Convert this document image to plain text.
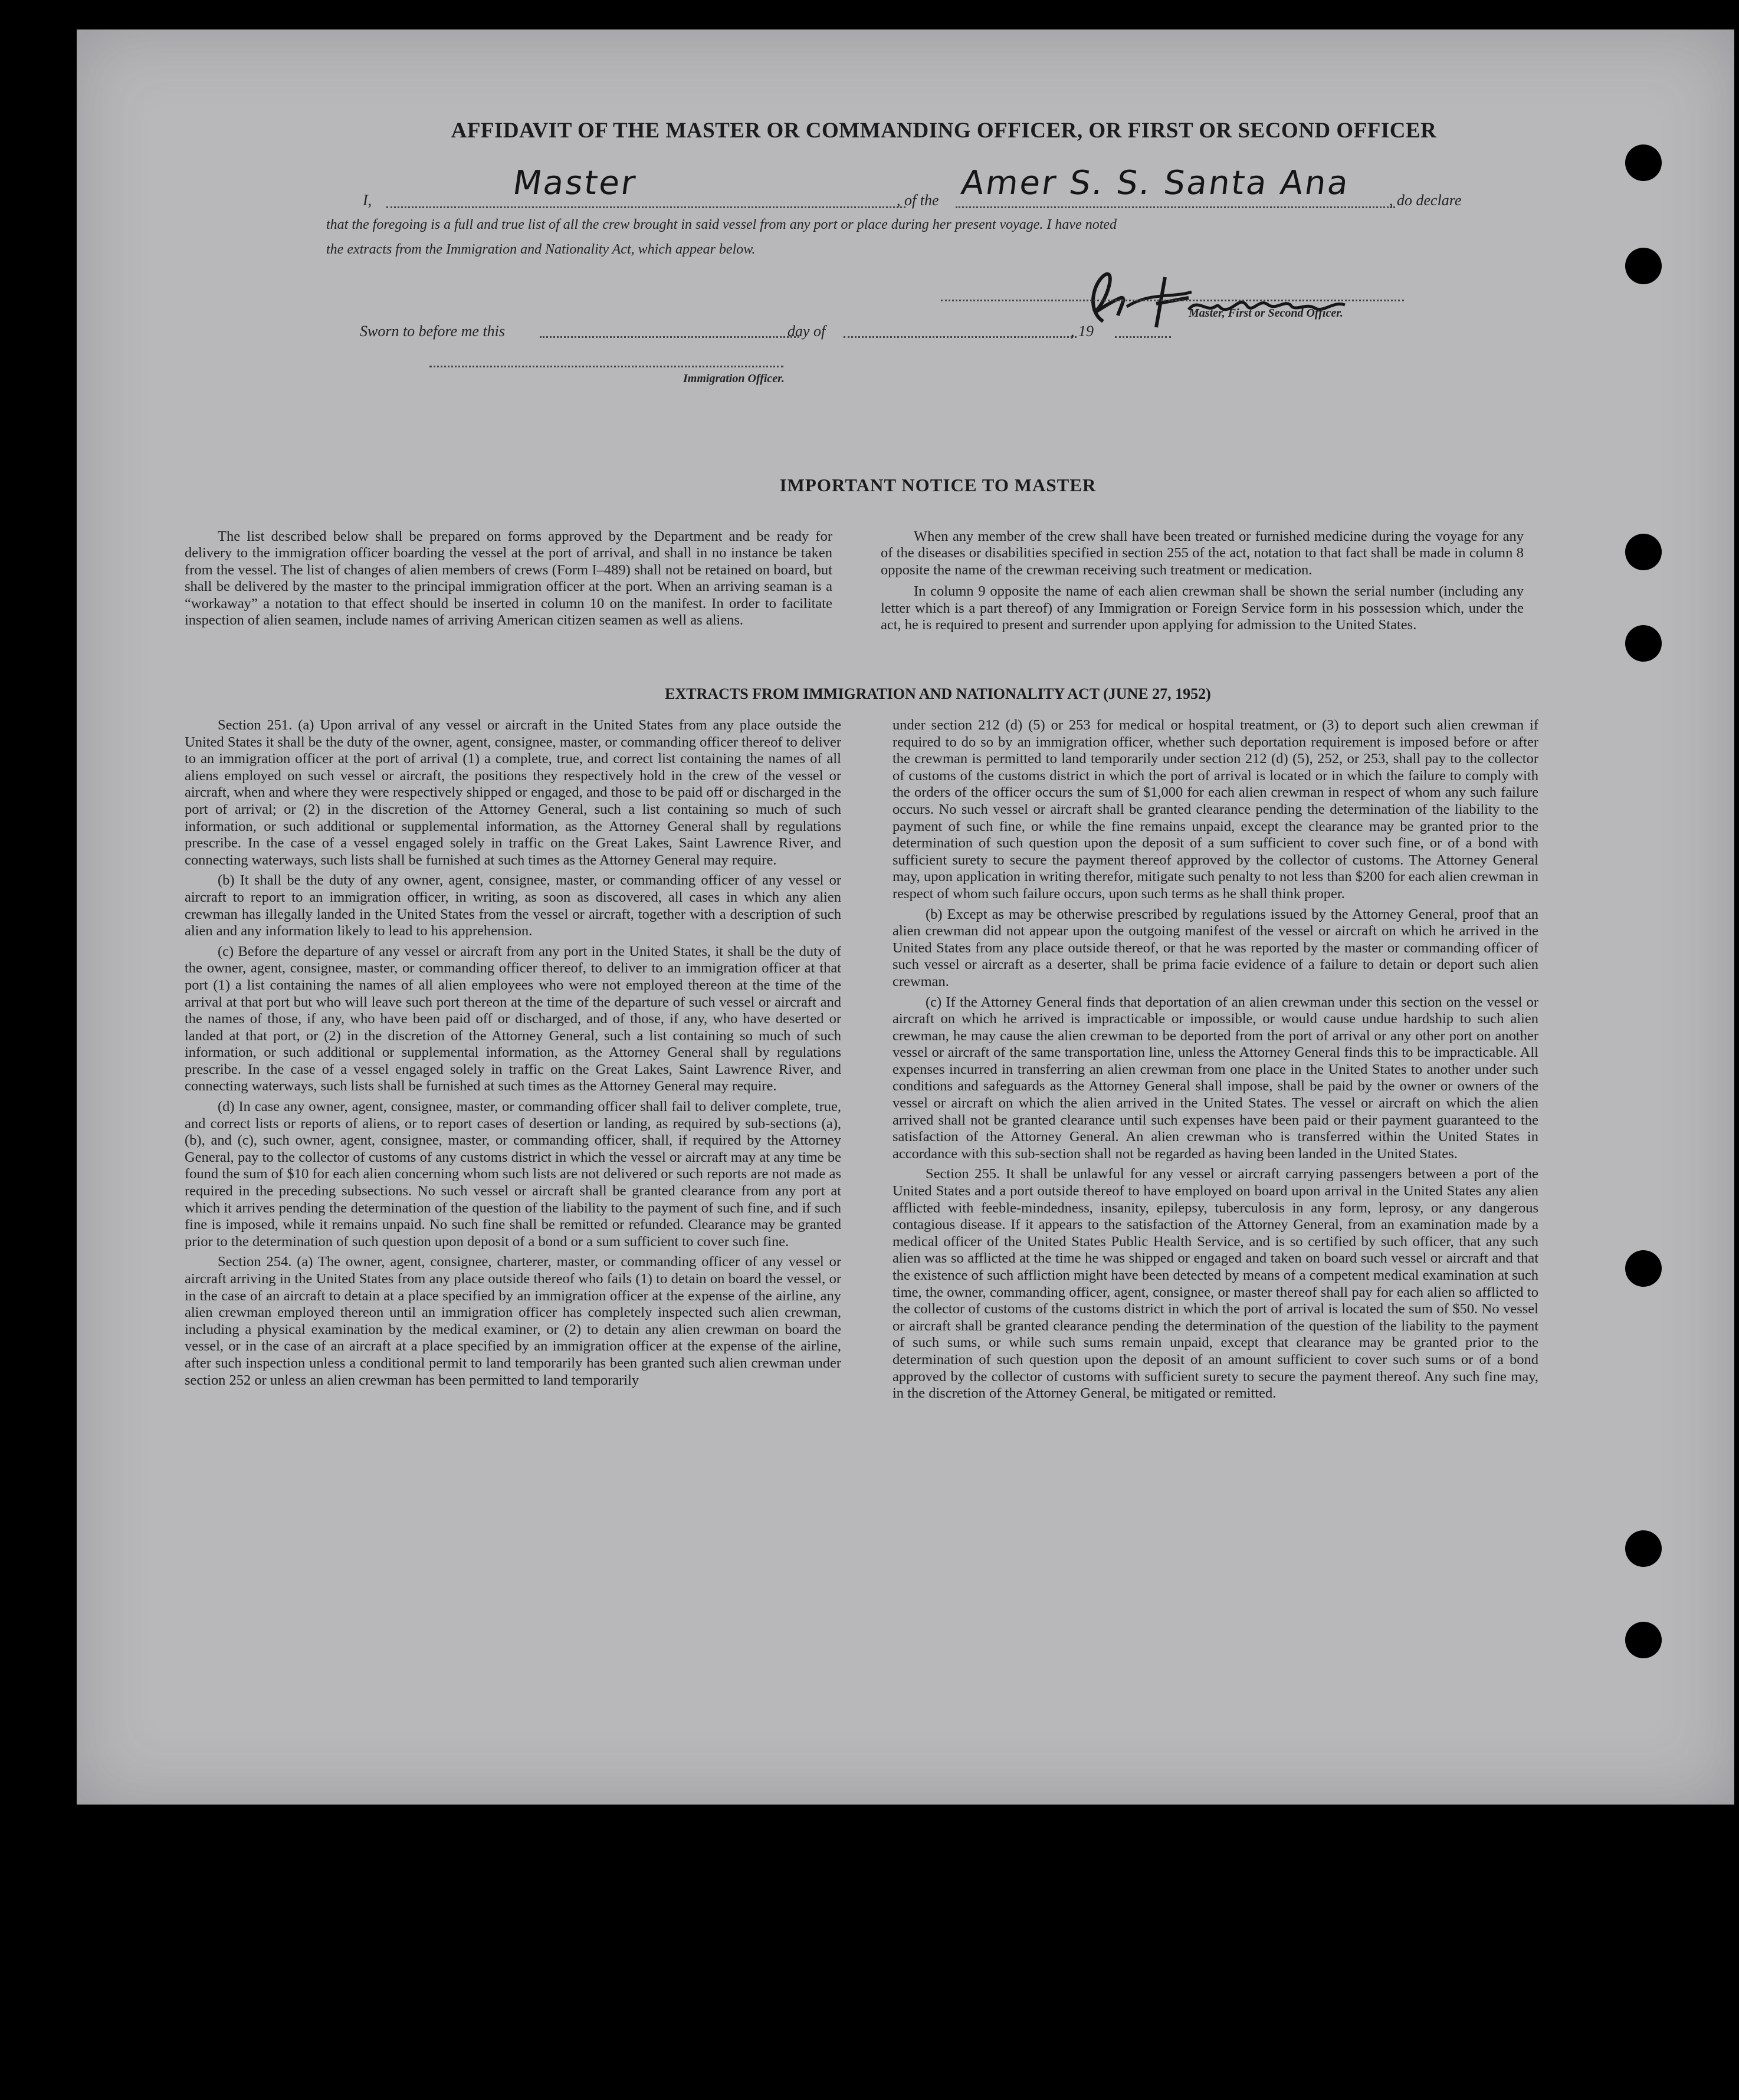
AFFIDAVIT OF THE MASTER OR COMMANDING OFFICER, OR FIRST OR SECOND OFFICER
I,	Master	, of the Amer S. S. Santa Ana , do declare
that the foregoing is a full and true list of all the crew brought in said vessel from any port or place during her present voyage. I have noted
the extracts from the Immigration and Nationality Act, which appear below.
Master, First or Second Officer.
Sworn to before me this	day of	, 19
Immigration Officer.
IMPORTANT NOTICE TO MASTER

The list described below shall be prepared on forms approved by the Department and be ready for delivery to the immigration officer boarding the vessel at the port of arrival, and shall in no instance be taken from the vessel. The list of changes of alien members of crews (Form I–489) shall not be retained on board, but shall be delivered by the master to the principal immigration officer at the port. When an arriving seaman is a “workaway” a notation to that effect should be inserted in column 10 on the manifest. In order to facilitate inspection of alien seamen, include names of arriving American citizen seamen as well as aliens.

When any member of the crew shall have been treated or furnished medicine during the voyage for any of the diseases or disabilities specified in section 255 of the act, notation to that fact shall be made in column 8 opposite the name of the crewman receiving such treatment or medication.

In column 9 opposite the name of each alien crewman shall be shown the serial number (including any letter which is a part thereof) of any Immigration or Foreign Service form in his possession which, under the act, he is required to present and surrender upon applying for admission to the United States.

EXTRACTS FROM IMMIGRATION AND NATIONALITY ACT (JUNE 27, 1952)

Section 251. (a) Upon arrival of any vessel or aircraft in the United States from any place outside the United States it shall be the duty of the owner, agent, consignee, master, or commanding officer thereof to deliver to an immigration officer at the port of arrival (1) a complete, true, and correct list containing the names of all aliens employed on such vessel or aircraft, the positions they respectively hold in the crew of the vessel or aircraft, when and where they were respectively shipped or engaged, and those to be paid off or discharged in the port of arrival; or (2) in the discretion of the Attorney General, such a list containing so much of such information, or such additional or supplemental information, as the Attorney General shall by regulations prescribe. In the case of a vessel engaged solely in traffic on the Great Lakes, Saint Lawrence River, and connecting waterways, such lists shall be furnished at such times as the Attorney General may require.

(b) It shall be the duty of any owner, agent, consignee, master, or commanding officer of any vessel or aircraft to report to an immigration officer, in writing, as soon as discovered, all cases in which any alien crewman has illegally landed in the United States from the vessel or aircraft, together with a description of such alien and any information likely to lead to his apprehension.

(c) Before the departure of any vessel or aircraft from any port in the United States, it shall be the duty of the owner, agent, consignee, master, or commanding officer thereof, to deliver to an immigration officer at that port (1) a list containing the names of all alien employees who were not employed thereon at the time of the arrival at that port but who will leave such port thereon at the time of the departure of such vessel or aircraft and the names of those, if any, who have been paid off or discharged, and of those, if any, who have deserted or landed at that port, or (2) in the discretion of the Attorney General, such a list containing so much of such information, or such additional or supplemental information, as the Attorney General shall by regulations prescribe. In the case of a vessel engaged solely in traffic on the Great Lakes, Saint Lawrence River, and connecting waterways, such lists shall be furnished at such times as the Attorney General may require.

(d) In case any owner, agent, consignee, master, or commanding officer shall fail to deliver complete, true, and correct lists or reports of aliens, or to report cases of desertion or landing, as required by sub-sections (a), (b), and (c), such owner, agent, consignee, master, or commanding officer, shall, if required by the Attorney General, pay to the collector of customs of any customs district in which the vessel or aircraft may at any time be found the sum of $10 for each alien concerning whom such lists are not delivered or such reports are not made as required in the preceding subsections. No such vessel or aircraft shall be granted clearance from any port at which it arrives pending the determination of the question of the liability to the payment of such fine, and if such fine is imposed, while it remains unpaid. No such fine shall be remitted or refunded. Clearance may be granted prior to the determination of such question upon deposit of a bond or a sum sufficient to cover such fine.

Section 254. (a) The owner, agent, consignee, charterer, master, or commanding officer of any vessel or aircraft arriving in the United States from any place outside thereof who fails (1) to detain on board the vessel, or in the case of an aircraft to detain at a place specified by an immigration officer at the expense of the airline, any alien crewman employed thereon until an immigration officer has completely inspected such alien crewman, including a physical examination by the medical examiner, or (2) to detain any alien crewman on board the vessel, or in the case of an aircraft at a place specified by an immigration officer at the expense of the airline, after such inspection unless a conditional permit to land temporarily has been granted such alien crewman under section 252 or unless an alien crewman has been permitted to land temporarily

under section 212 (d) (5) or 253 for medical or hospital treatment, or (3) to deport such alien crewman if required to do so by an immigration officer, whether such deportation requirement is imposed before or after the crewman is permitted to land temporarily under section 212 (d) (5), 252, or 253, shall pay to the collector of customs of the customs district in which the port of arrival is located or in which the failure to comply with the orders of the officer occurs the sum of $1,000 for each alien crewman in respect of whom any such failure occurs. No such vessel or aircraft shall be granted clearance pending the determination of the liability to the payment of such fine, or while the fine remains unpaid, except the clearance may be granted prior to the determination of such question upon the deposit of a sum sufficient to cover such fine, or of a bond with sufficient surety to secure the payment thereof approved by the collector of customs. The Attorney General may, upon application in writing therefor, mitigate such penalty to not less than $200 for each alien crewman in respect of whom such failure occurs, upon such terms as he shall think proper.

(b) Except as may be otherwise prescribed by regulations issued by the Attorney General, proof that an alien crewman did not appear upon the outgoing manifest of the vessel or aircraft on which he arrived in the United States from any place outside thereof, or that he was reported by the master or commanding officer of such vessel or aircraft as a deserter, shall be prima facie evidence of a failure to detain or deport such alien crewman.

(c) If the Attorney General finds that deportation of an alien crewman under this section on the vessel or aircraft on which he arrived is impracticable or impossible, or would cause undue hardship to such alien crewman, he may cause the alien crewman to be deported from the port of arrival or any other port on another vessel or aircraft of the same transportation line, unless the Attorney General finds this to be impracticable. All expenses incurred in transferring an alien crewman from one place in the United States to another under such conditions and safeguards as the Attorney General shall impose, shall be paid by the owner or owners of the vessel or aircraft on which the alien arrived in the United States. The vessel or aircraft on which the alien arrived shall not be granted clearance until such expenses have been paid or their payment guaranteed to the satisfaction of the Attorney General. An alien crewman who is transferred within the United States in accordance with this sub-section shall not be regarded as having been landed in the United States.

Section 255. It shall be unlawful for any vessel or aircraft carrying passengers between a port of the United States and a port outside thereof to have employed on board upon arrival in the United States any alien afflicted with feeble-mindedness, insanity, epilepsy, tuberculosis in any form, leprosy, or any dangerous contagious disease. If it appears to the satisfaction of the Attorney General, from an examination made by a medical officer of the United States Public Health Service, and is so certified by such officer, that any such alien was so afflicted at the time he was shipped or engaged and taken on board such vessel or aircraft and that the existence of such affliction might have been detected by means of a competent medical examination at such time, the owner, commanding officer, agent, consignee, or master thereof shall pay for each alien so afflicted to the collector of customs of the customs district in which the port of arrival is located the sum of $50. No vessel or aircraft shall be granted clearance pending the determination of the question of the liability to the payment of such sums, or while such sums remain unpaid, except that clearance may be granted prior to the determination of such question upon the deposit of an amount sufficient to cover such sums or of a bond approved by the collector of customs with sufficient surety to secure the payment thereof. Any such fine may, in the discretion of the Attorney General, be mitigated or remitted.
